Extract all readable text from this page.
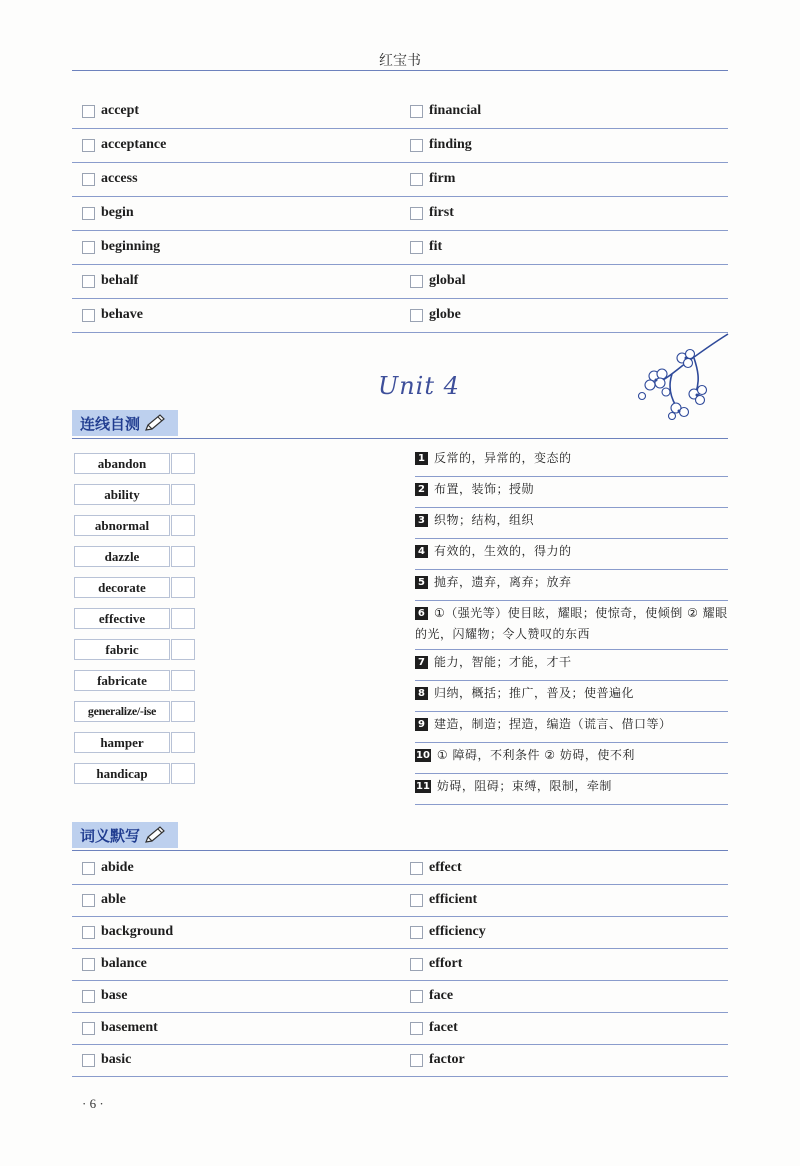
红宝书
accept	financial
acceptance	finding
access	firm
begin	first
beginning	fit
behalf	global
behave	globe
Unit 4
连线自测
abandon
ability
abnormal
dazzle
decorate
effective
fabric
fabricate
generalize/-ise
hamper
handicap
1 反常的，异常的，变态的
2 布置，装饰；授勋
3 织物；结构，组织
4 有效的，生效的，得力的
5 抛弃，遗弃，离弃；放弃
6 ①（强光等）使目眩，耀眼；使惊奇，使倾倒 ② 耀眼的光，闪耀物；令人赞叹的东西
7 能力，智能；才能，才干
8 归纳，概括；推广，普及；使普遍化
9 建造，制造；捏造，编造（谎言、借口等）
10 ① 障碍，不利条件 ② 妨碍，使不利
11 妨碍，阻碍；束缚，限制，牵制
词义默写
abide	effect
able	efficient
background	efficiency
balance	effort
base	face
basement	facet
basic	factor
· 6 ·
